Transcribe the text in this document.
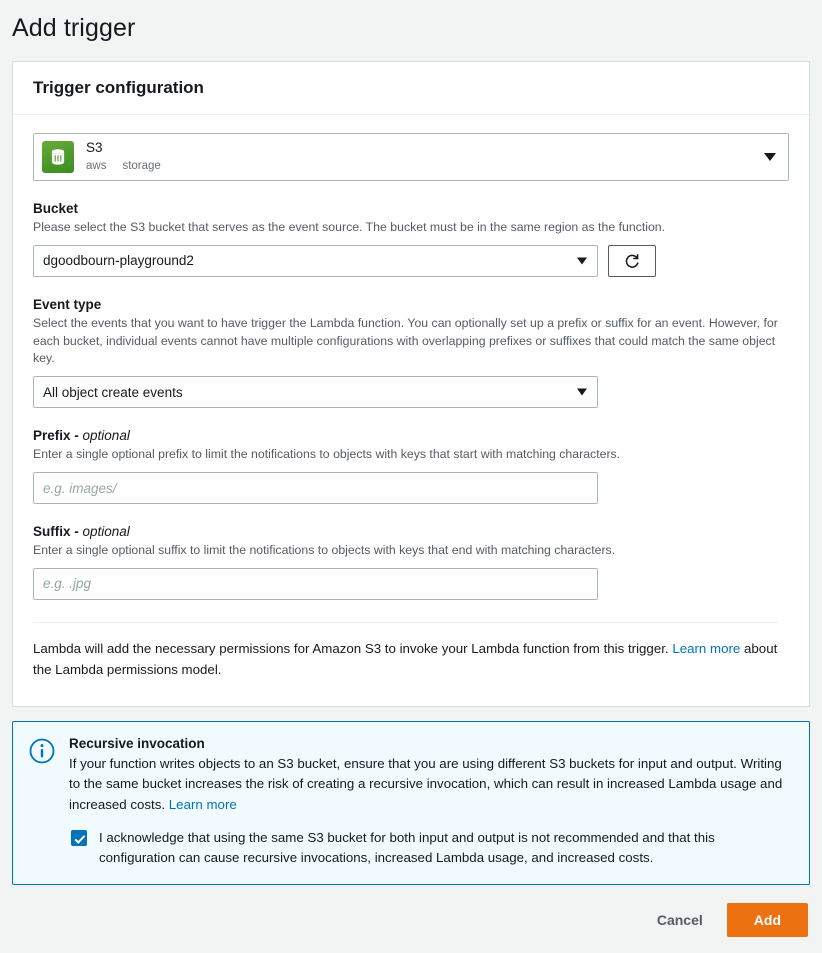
Add trigger
Trigger configuration
S3
aws storage
Bucket
Please select the S3 bucket that serves as the event source. The bucket must be in the same region as the function.
dgoodbourn-playground2
Event type
Select the events that you want to have trigger the Lambda function. You can optionally set up a prefix or suffix for an event. However, for each bucket, individual events cannot have multiple configurations with overlapping prefixes or suffixes that could match the same object key.
All object create events
Prefix - optional
Enter a single optional prefix to limit the notifications to objects with keys that start with matching characters.
e.g. images/
Suffix - optional
Enter a single optional suffix to limit the notifications to objects with keys that end with matching characters.
e.g. .jpg
Lambda will add the necessary permissions for Amazon S3 to invoke your Lambda function from this trigger. Learn more about the Lambda permissions model.
Recursive invocation
If your function writes objects to an S3 bucket, ensure that you are using different S3 buckets for input and output. Writing to the same bucket increases the risk of creating a recursive invocation, which can result in increased Lambda usage and increased costs. Learn more
I acknowledge that using the same S3 bucket for both input and output is not recommended and that this configuration can cause recursive invocations, increased Lambda usage, and increased costs.
Cancel	Add
